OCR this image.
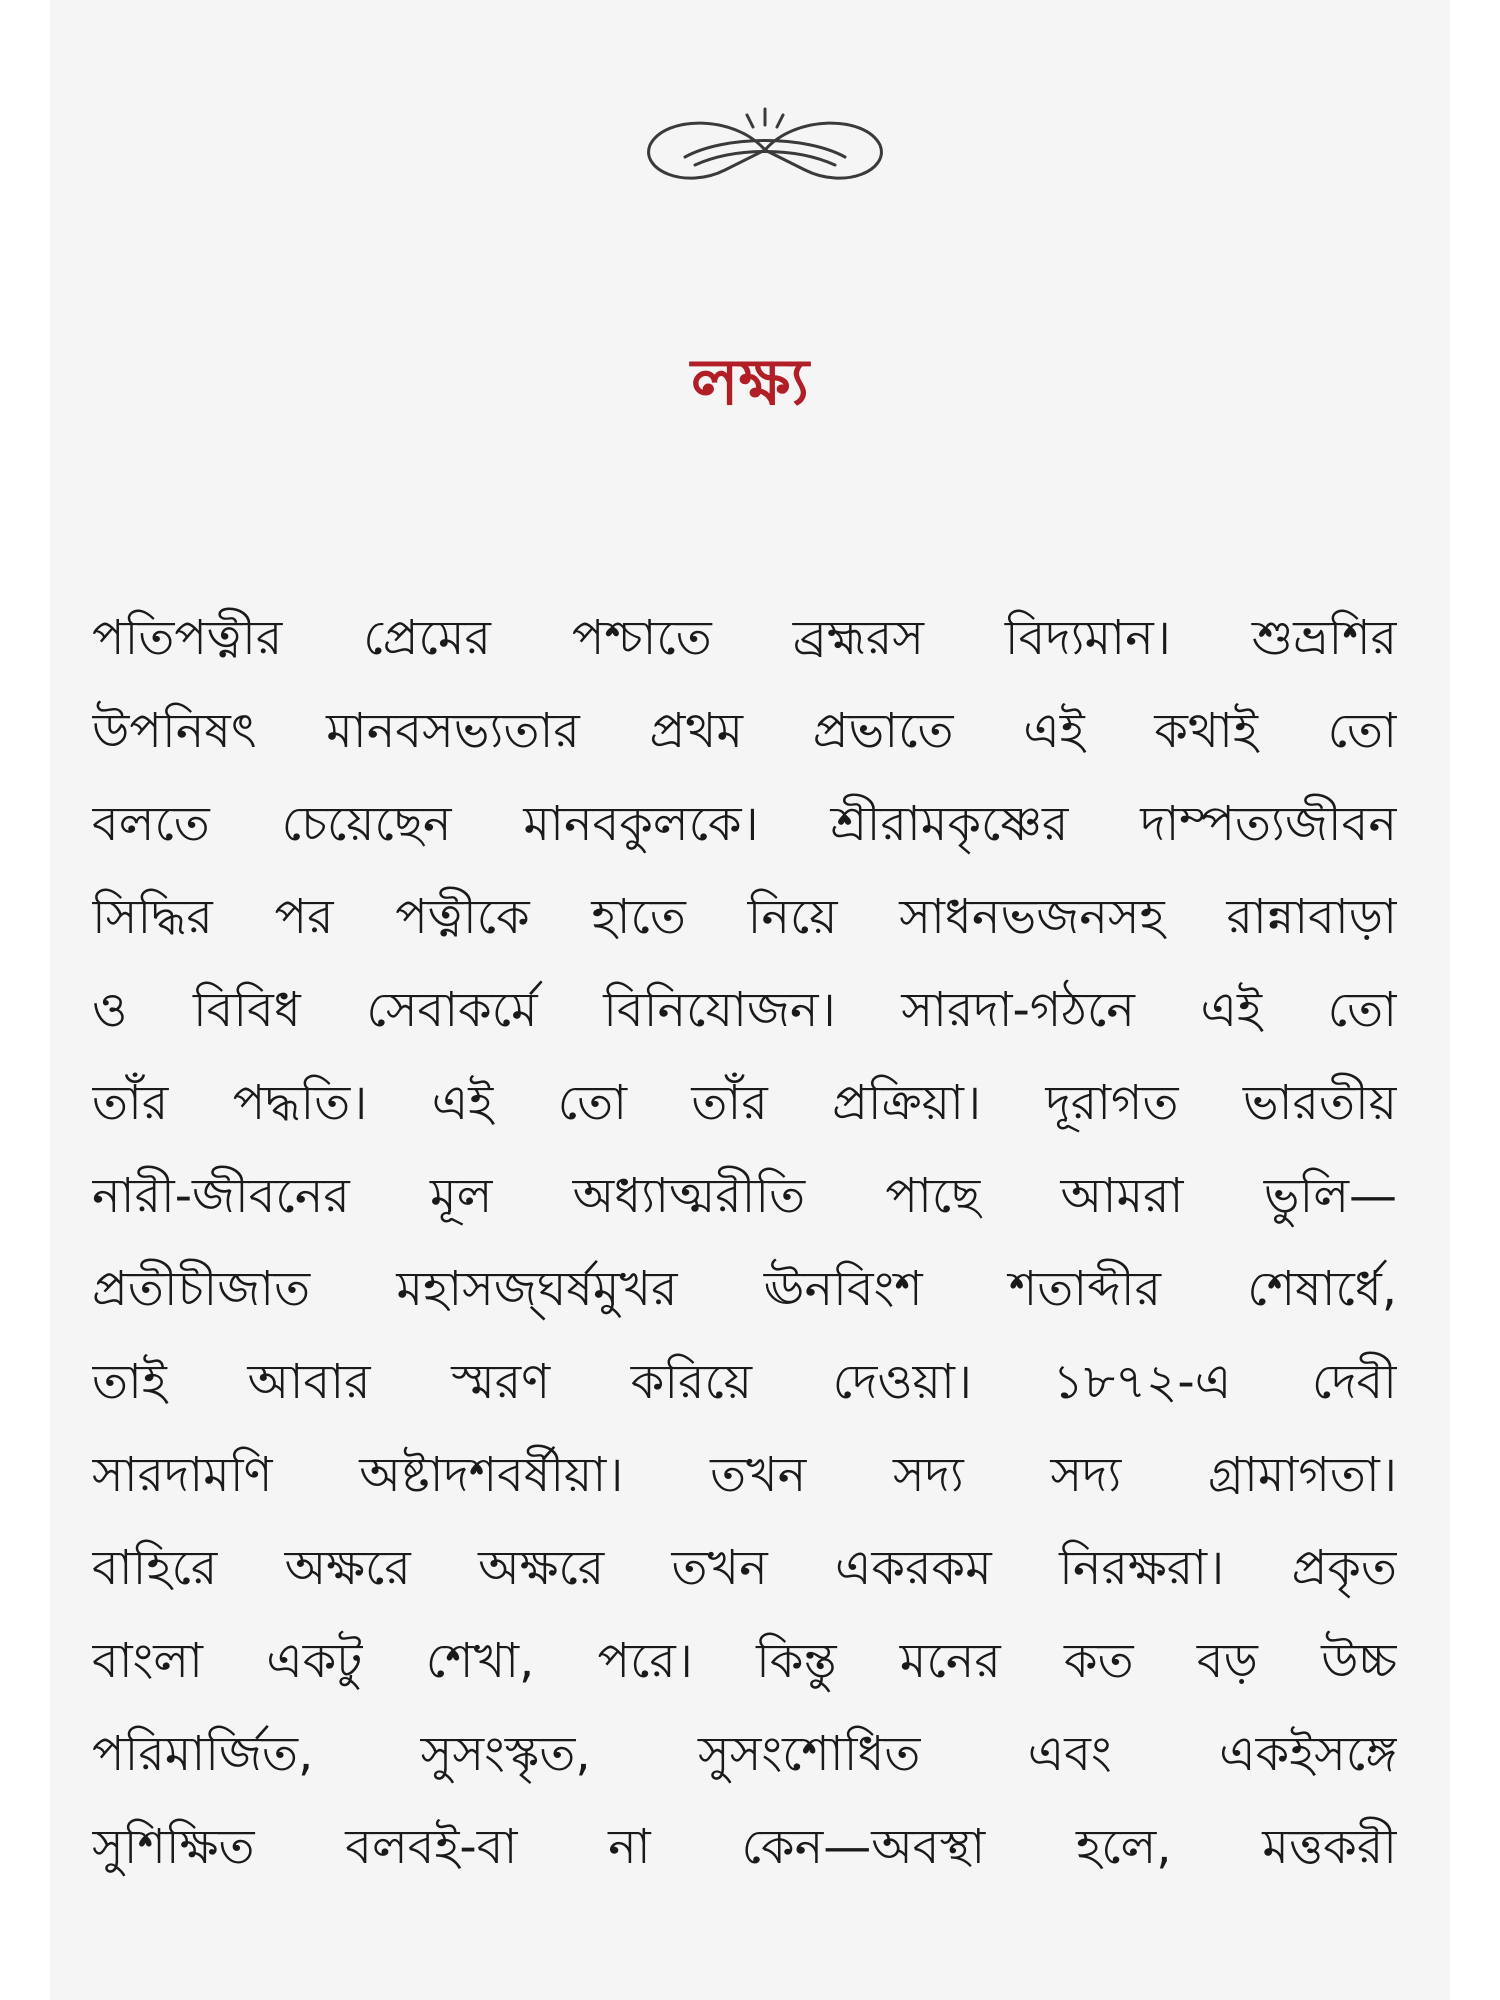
লক্ষ্য
পতিপত্নীর প্রেমের পশ্চাতে ব্রহ্মরস বিদ্যমান। শুভ্রশির
উপনিষৎ মানবসভ্যতার প্রথম প্রভাতে এই কথাই তো
বলতে চেয়েছেন মানবকুলকে। শ্রীরামকৃষ্ণের দাম্পত্যজীবন
সিদ্ধির পর পত্নীকে হাতে নিয়ে সাধনভজনসহ রান্নাবাড়া
ও বিবিধ সেবাকর্মে বিনিযোজন। সারদা-গঠনে এই তো
তাঁর পদ্ধতি। এই তো তাঁর প্রক্রিয়া। দূরাগত ভারতীয়
নারী-জীবনের মূল অধ্যাত্মরীতি পাছে আমরা ভুলি—
প্রতীচীজাত মহাসজ্ঘর্ষমুখর ঊনবিংশ শতাব্দীর শেষার্ধে,
তাই আবার স্মরণ করিয়ে দেওয়া। ১৮৭২-এ দেবী
সারদামণি অষ্টাদশবর্ষীয়া। তখন সদ্য সদ্য গ্রামাগতা।
বাহিরে অক্ষরে অক্ষরে তখন একরকম নিরক্ষরা। প্রকৃত
বাংলা একটু শেখা, পরে। কিন্তু মনের কত বড় উচ্চ
পরিমার্জিত, সুসংস্কৃত, সুসংশোধিত এবং একইসঙ্গে
সুশিক্ষিত বলবই-বা না কেন—অবস্থা হলে, মত্তকরী
